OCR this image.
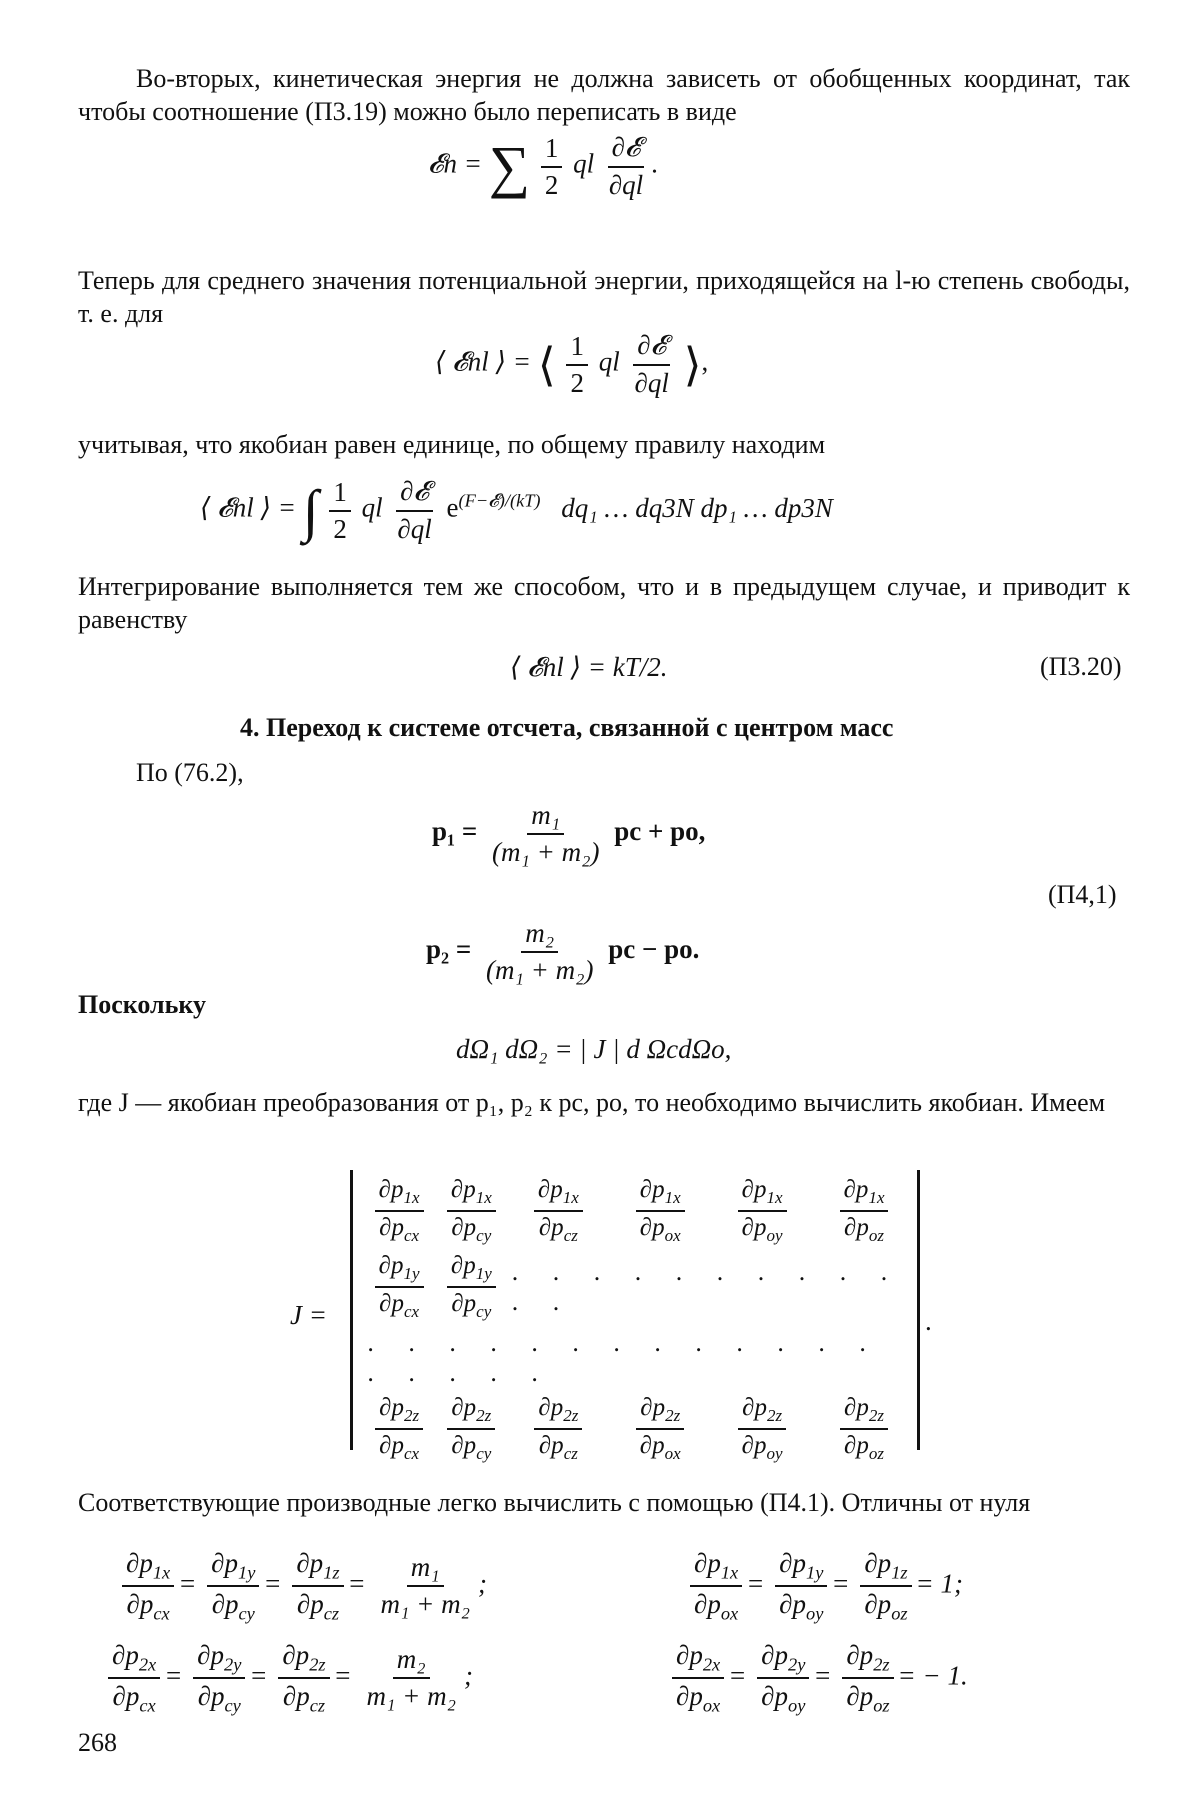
Во-вторых, кинетическая энергия не должна зависеть от обобщенных координат, так чтобы соотношение (П3.19) можно было переписать в виде
𝓔п = ∑ $\frac{1}{2}$ ql $\frac{\text{∂𝓔}}{\partial ql}$ .
Теперь для среднего значения потенциальной энергии, приходящейся на l-ю степень свободы, т. е. для
⟨ 𝓔пl ⟩ = ⟨ $\frac{1}{2}$ ql $\frac{\text{∂𝓔}}{\partial ql}$ ⟩,
учитывая, что якобиан равен единице, по общему правилу находим
⟨ 𝓔пl ⟩ = ∫ $\frac{1}{2}$ ql $\frac{\text{∂𝓔}}{\partial ql} e^{(F-𝓔)/(kT)}$ dq₁ … dq3N dp₁ … dp3N
Интегрирование выполняется тем же способом, что и в предыдущем случае, и приводит к равенству
⟨ 𝓔пl ⟩ = kT/2.	(П3.20)
4. Переход к системе отсчета, связанной с центром масс
По (76.2),
$p_1 = \frac{\text{m₁}}{\text{(m₁ + m₂)}}$ pc + po,
$p_2 = \frac{\text{m₂}}{\text{(m₁ + m₂)}}$ pc − po.
(П4,1)
Поскольку
dΩ₁ dΩ₂ = | J | d ΩcdΩo,
где J — якобиан преобразования от p₁, p₂ к pc, po, то необходимо вычислить якобиан. Имеем
J =
$\frac{\partial p_{1x}}{\partial p_{cx}}$	$\frac{\partial p_{1x}}{\partial p_{cy}}$	$\frac{\partial p_{1x}}{\partial p_{cz}}$	$\frac{\partial p_{1x}}{\partial p_{ox}}$	$\frac{\partial p_{1x}}{\partial p_{oy}}$	$\frac{\partial p_{1x}}{\partial p_{oz}}$

$\frac{\partial p_{1y}}{\partial p_{cx}}$	$\frac{\partial p_{1y}}{\partial p_{cy}}$	. . . . . . . . . . . .			
. . . . . . . . . . . . . . . . . .					

$\frac{\partial p_{2z}}{\partial p_{cx}}$	$\frac{\partial p_{2z}}{\partial p_{cy}}$	$\frac{\partial p_{2z}}{\partial p_{cz}}$	$\frac{\partial p_{2z}}{\partial p_{ox}}$	$\frac{\partial p_{2z}}{\partial p_{oy}}$	$\frac{\partial p_{2z}}{\partial p_{oz}}$
.
Соответствующие производные легко вычислить с помощью (П4.1). Отличны от нуля
$\frac{\partial p_{1x}}{\partial p_{cx}} = \frac{\partial p_{1y}}{\partial p_{cy}} = \frac{\partial p_{1z}}{\partial p_{cz}} = \frac{\text{m₁}}{\text{m₁ + m₂}}$ ;	$\frac{\partial p_{1x}}{\partial p_{ox}} = \frac{\partial p_{1y}}{\partial p_{oy}} = \frac{\partial p_{1z}}{\partial p_{oz}} = 1$;
$\frac{\partial p_{2x}}{\partial p_{cx}} = \frac{\partial p_{2y}}{\partial p_{cy}} = \frac{\partial p_{2z}}{\partial p_{cz}} = \frac{\text{m₂}}{\text{m₁ + m₂}}$ ;	$\frac{\partial p_{2x}}{\partial p_{ox}} = \frac{\partial p_{2y}}{\partial p_{oy}} = \frac{\partial p_{2z}}{\partial p_{oz}}$ = − 1.
268
